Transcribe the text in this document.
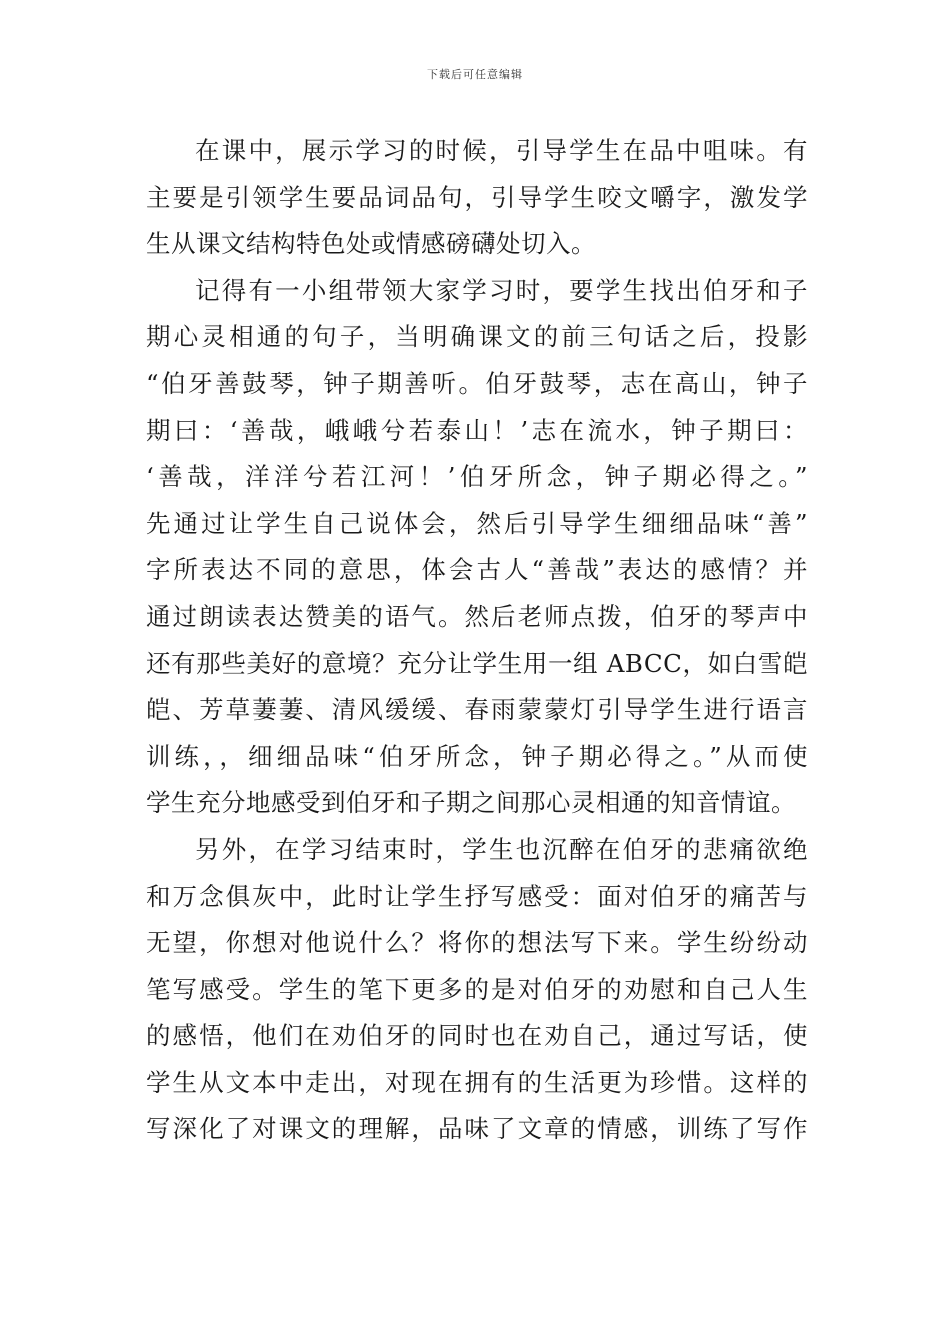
下载后可任意编辑

在课中，展示学习的时候，引导学生在品中咀味。有

主要是引领学生要品词品句，引导学生咬文嚼字，激发学
生从课文结构特色处或情感磅礴处切入。

记得有一小组带领大家学习时，要学生找出伯牙和子

期心灵相通的句子，当明确课文的前三句话之后，投影
“伯牙善鼓琴，钟子期善听。伯牙鼓琴，志在高山，钟子
期曰：‘善哉，峨峨兮若泰山！’志在流水，钟子期曰：
‘善哉，洋洋兮若江河！’伯牙所念，钟子期必得之。”
先通过让学生自己说体会，然后引导学生细细品味“善”
字所表达不同的意思，体会古人“善哉”表达的感情？并
通过朗读表达赞美的语气。然后老师点拨，伯牙的琴声中
还有那些美好的意境？充分让学生用一组 ABCC，如白雪皑
皑、芳草萋萋、清风缓缓、春雨蒙蒙灯引导学生进行语言
训练，，细细品味“伯牙所念，钟子期必得之。”从而使
学生充分地感受到伯牙和子期之间那心灵相通的知音情谊。

另外，在学习结束时，学生也沉醉在伯牙的悲痛欲绝

和万念俱灰中，此时让学生抒写感受：面对伯牙的痛苦与
无望，你想对他说什么？将你的想法写下来。学生纷纷动
笔写感受。学生的笔下更多的是对伯牙的劝慰和自己人生
的感悟，他们在劝伯牙的同时也在劝自己，通过写话，使
学生从文本中走出，对现在拥有的生活更为珍惜。这样的
写深化了对课文的理解，品味了文章的情感，训练了写作
